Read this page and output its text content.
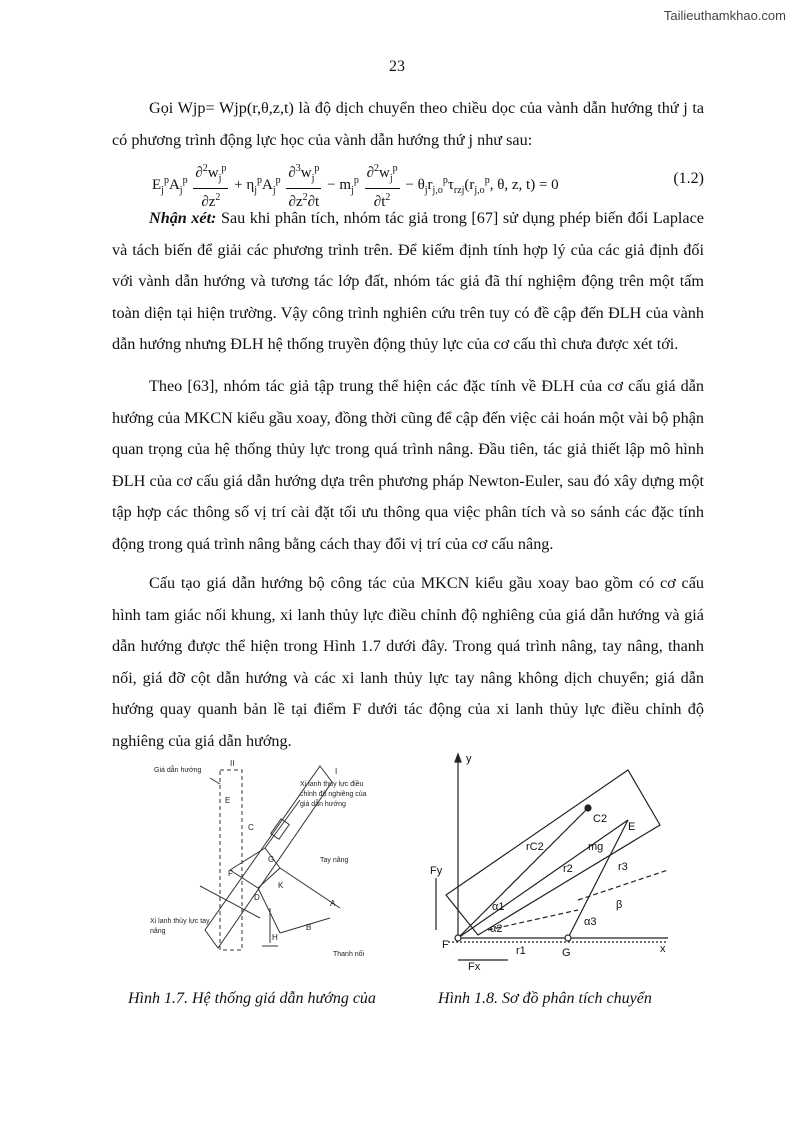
Tailieuthamkhao.com
23

Gọi Wjp= Wjp(r,θ,z,t) là độ dịch chuyển theo chiều dọc của vành dẫn hướng thứ j ta có phương trình động lực học của vành dẫn hướng thứ j như sau:

$E_j^pA_j^p \frac{\partial^2w_j^p}{\partial z^2} + \eta_j^pA_j^p \frac{\partial^3w_j^p}{\partial z^2\partial t} - m_j^p \frac{\partial^2w_j^p}{\partial t^2} - \theta_jr_{j,o}^p\tau_{rzj}(r_{j,o}^p$, θ, z, t) = 0	(1.2)

Nhận xét: Sau khi phân tích, nhóm tác giả trong [67] sử dụng phép biến đổi Laplace và tách biến để giải các phương trình trên. Để kiểm định tính hợp lý của các giả định đối với vành dẫn hướng và tương tác lớp đất, nhóm tác giả đã thí nghiệm động trên một tấm toàn diện tại hiện trường. Vậy công trình nghiên cứu trên tuy có đề cập đến ĐLH của vành dẫn hướng nhưng ĐLH hệ thống truyền động thủy lực của cơ cấu thì chưa được xét tới.

Theo [63], nhóm tác giả tập trung thể hiện các đặc tính về ĐLH của cơ cấu giá dẫn hướng của MKCN kiểu gầu xoay, đồng thời cũng để cập đến việc cải hoán một vài bộ phận quan trọng của hệ thống thủy lực trong quá trình nâng. Đầu tiên, tác giả thiết lập mô hình ĐLH của cơ cấu giá dẫn hướng dựa trên phương pháp Newton-Euler, sau đó xây dựng một tập hợp các thông số vị trí cài đặt tối ưu thông qua việc phân tích và so sánh các đặc tính động trong quá trình nâng bằng cách thay đổi vị trí của cơ cấu nâng.

Cấu tạo giá dẫn hướng bộ công tác của MKCN kiểu gầu xoay bao gồm có cơ cấu hình tam giác nối khung, xi lanh thủy lực điều chỉnh độ nghiêng của giá dẫn hướng và giá dẫn hướng được thể hiện trong Hình 1.7 dưới đây. Trong quá trình nâng, tay nâng, thanh nối, giá đỡ cột dẫn hướng và các xi lanh thủy lực tay nâng không dịch chuyển; giá dẫn hướng quay quanh bản lề tại điểm F dưới tác động của xi lanh thủy lực điều chỉnh độ nghiêng của giá dẫn hướng.

Giá dẫn hướng
Xi lanh thủy lực điều
chỉnh độ nghiêng của
giá dẫn hướng
Tay nâng
Xi lanh thủy lực tay
nâng
Thanh nối
II
I
E
C
F
G
K
D
A
B
H
y
C2
E
rC2	mg
r2	r3
Fy
α1
α2
α3
β
F	r1	G	x
Fx
Hình 1.7. Hệ thống giá dẫn hướng của	Hình 1.8. Sơ đồ phân tích chuyển
